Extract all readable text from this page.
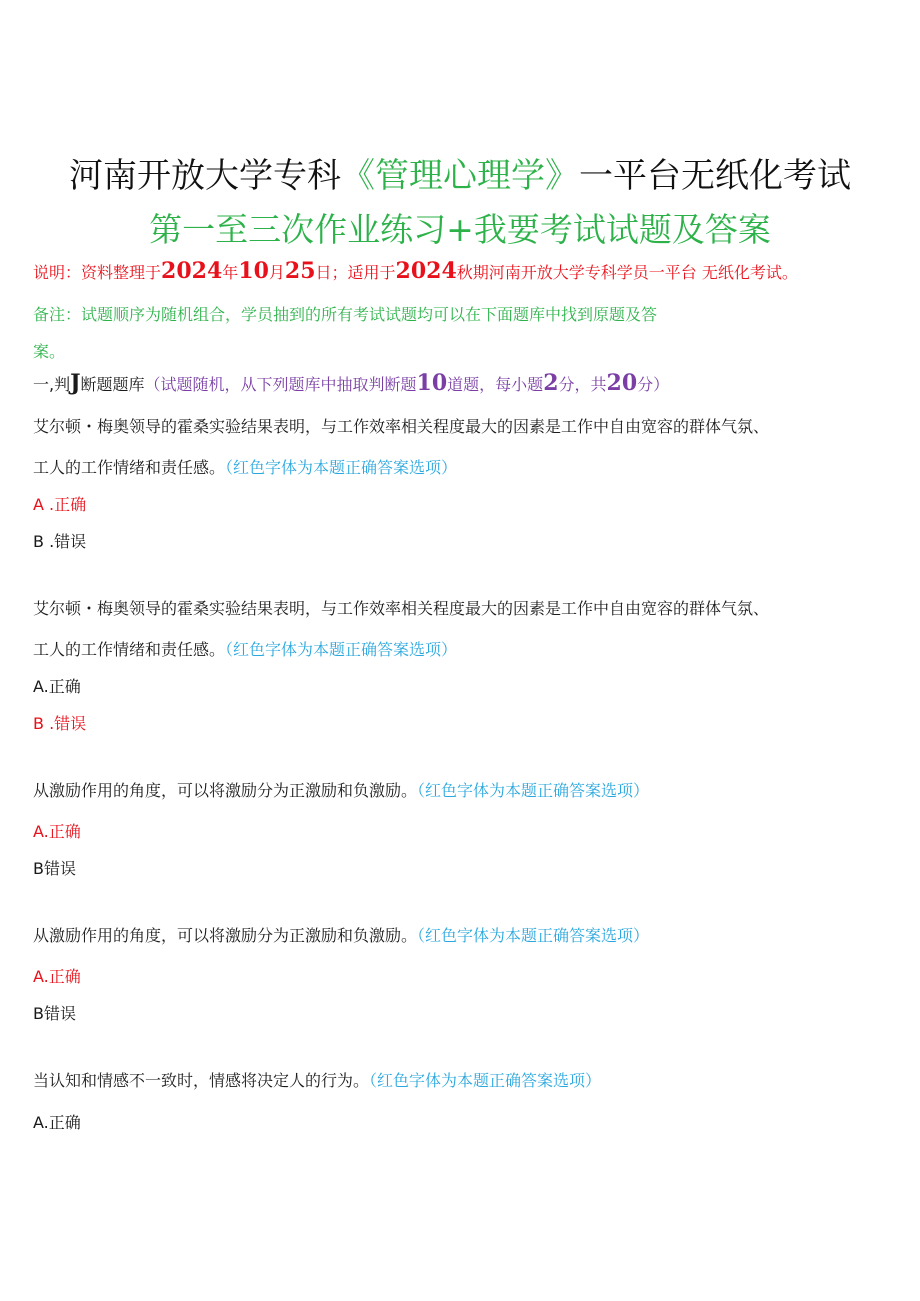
河南开放大学专科《管理心理学》一平台无纸化考试
第一至三次作业练习+我要考试试题及答案
说明：资料整理于2024年10月25日；适用于2024秋期河南开放大学专科学员一平台 无纸化考试。
备注：试题顺序为随机组合，学员抽到的所有考试试题均可以在下面题库中找到原题及答
案。
一,判J断题题库（试题随机，从下列题库中抽取判断题10道题，每小题2分，共20分）
艾尔顿・梅奥领导的霍桑实验结果表明，与工作效率相关程度最大的因素是工作中自由宽容的群体气氛、
工人的工作情绪和责任感。（红色字体为本题正确答案选项）
A .正确
B .错误
艾尔顿・梅奥领导的霍桑实验结果表明，与工作效率相关程度最大的因素是工作中自由宽容的群体气氛、
工人的工作情绪和责任感。（红色字体为本题正确答案选项）
A.正确
B .错误
从激励作用的角度，可以将激励分为正激励和负激励。（红色字体为本题正确答案选项）
A.正确
B错误
从激励作用的角度，可以将激励分为正激励和负激励。（红色字体为本题正确答案选项）
A.正确
B错误
当认知和情感不一致时，情感将决定人的行为。（红色字体为本题正确答案选项）
A.正确
